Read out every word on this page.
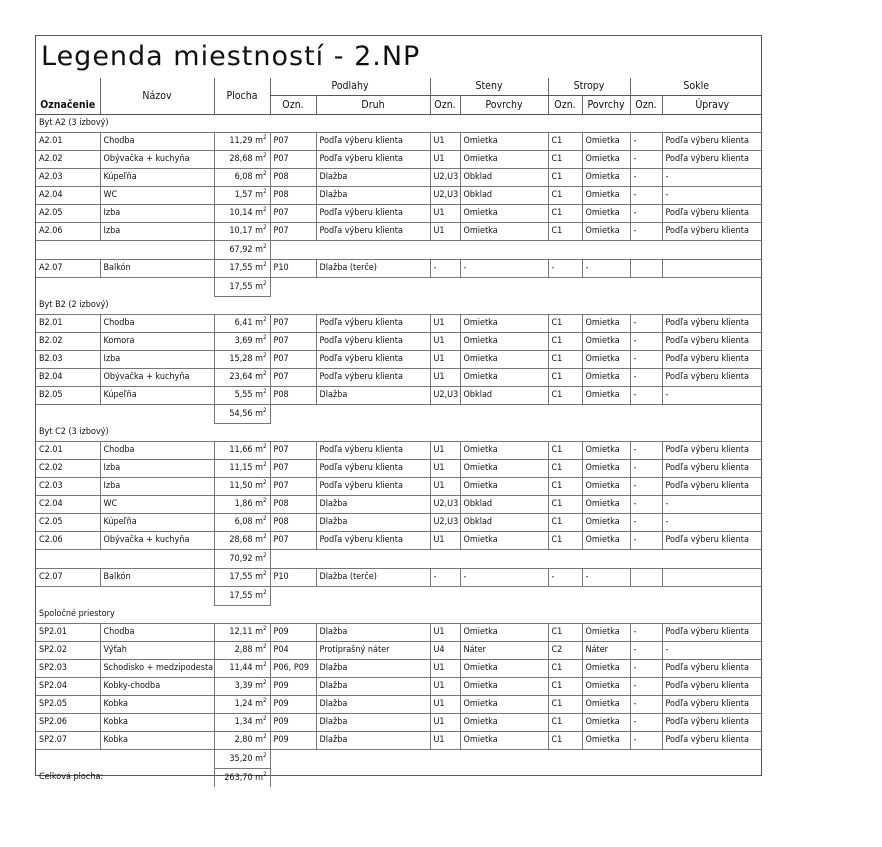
Legenda miestností - 2.NP
Označenie	Názov	Plocha	Podlahy		Steny		Stropy		Sokle	
			Ozn.	Druh	Ozn.	Povrchy	Ozn.	Povrchy	Ozn.	Úpravy
Byt A2 (3 izbový)										
A2.01	Chodba	11,29 $m^2$	P07	Podľa výberu klienta	U1	Omietka	C1	Omietka	-	Podľa výberu klienta
A2.02	Obývačka + kuchyňa	28,68 $m^2$	P07	Podľa výberu klienta	U1	Omietka	C1	Omietka	-	Podľa výberu klienta
A2.03	Kúpeľňa	6,08 $m^2$	P08	Dlažba	U2,U3	Obklad	C1	Omietka	-	-
A2.04	WC	1,57 $m^2$	P08	Dlažba	U2,U3	Obklad	C1	Omietka	-	-
A2.05	Izba	10,14 $m^2$	P07	Podľa výberu klienta	U1	Omietka	C1	Omietka	-	Podľa výberu klienta
A2.06	Izba	10,17 $m^2$	P07	Podľa výberu klienta	U1	Omietka	C1	Omietka	-	Podľa výberu klienta
		67,92 $m^2$	
A2.07	Balkón	17,55 $m^2$	P10	Dlažba (terče)	-	-	-	-		
		17,55 $m^2$	
Byt B2 (2 izbový)										
B2.01	Chodba	6,41 $m^2$	P07	Podľa výberu klienta	U1	Omietka	C1	Omietka	-	Podľa výberu klienta
B2.02	Komora	3,69 $m^2$	P07	Podľa výberu klienta	U1	Omietka	C1	Omietka	-	Podľa výberu klienta
B2.03	Izba	15,28 $m^2$	P07	Podľa výberu klienta	U1	Omietka	C1	Omietka	-	Podľa výberu klienta
B2.04	Obývačka + kuchyňa	23,64 $m^2$	P07	Podľa výberu klienta	U1	Omietka	C1	Omietka	-	Podľa výberu klienta
B2.05	Kúpeľňa	5,55 $m^2$	P08	Dlažba	U2,U3	Obklad	C1	Omietka	-	-
		54,56 $m^2$	
Byt C2 (3 izbový)										
C2.01	Chodba	11,66 $m^2$	P07	Podľa výberu klienta	U1	Omietka	C1	Omietka	-	Podľa výberu klienta
C2.02	Izba	11,15 $m^2$	P07	Podľa výberu klienta	U1	Omietka	C1	Omietka	-	Podľa výberu klienta
C2.03	Izba	11,50 $m^2$	P07	Podľa výberu klienta	U1	Omietka	C1	Omietka	-	Podľa výberu klienta
C2.04	WC	1,86 $m^2$	P08	Dlažba	U2,U3	Obklad	C1	Omietka	-	-
C2.05	Kúpeľňa	6,08 $m^2$	P08	Dlažba	U2,U3	Obklad	C1	Omietka	-	-
C2.06	Obývačka + kuchyňa	28,68 $m^2$	P07	Podľa výberu klienta	U1	Omietka	C1	Omietka	-	Podľa výberu klienta
		70,92 $m^2$	
C2.07	Balkón	17,55 $m^2$	P10	Dlažba (terče)	-	-	-	-		
		17,55 $m^2$	
Spoločné priestory										
SP2.01	Chodba	12,11 $m^2$	P09	Dlažba	U1	Omietka	C1	Omietka	-	Podľa výberu klienta
SP2.02	Výťah	2,88 $m^2$	P04	Protiprašný náter	U4	Náter	C2	Náter	-	-
SP2.03	Schodisko + medzipodesta	11,44 $m^2$	P06, P09	Dlažba	U1	Omietka	C1	Omietka	-	Podľa výberu klienta
SP2.04	Kobky-chodba	3,39 $m^2$	P09	Dlažba	U1	Omietka	C1	Omietka	-	Podľa výberu klienta
SP2.05	Kobka	1,24 $m^2$	P09	Dlažba	U1	Omietka	C1	Omietka	-	Podľa výberu klienta
SP2.06	Kobka	1,34 $m^2$	P09	Dlažba	U1	Omietka	C1	Omietka	-	Podľa výberu klienta
SP2.07	Kobka	2,80 $m^2$	P09	Dlažba	U1	Omietka	C1	Omietka	-	Podľa výberu klienta
		35,20 $m^2$	
Celková plocha:		263,70 $m^2$	
